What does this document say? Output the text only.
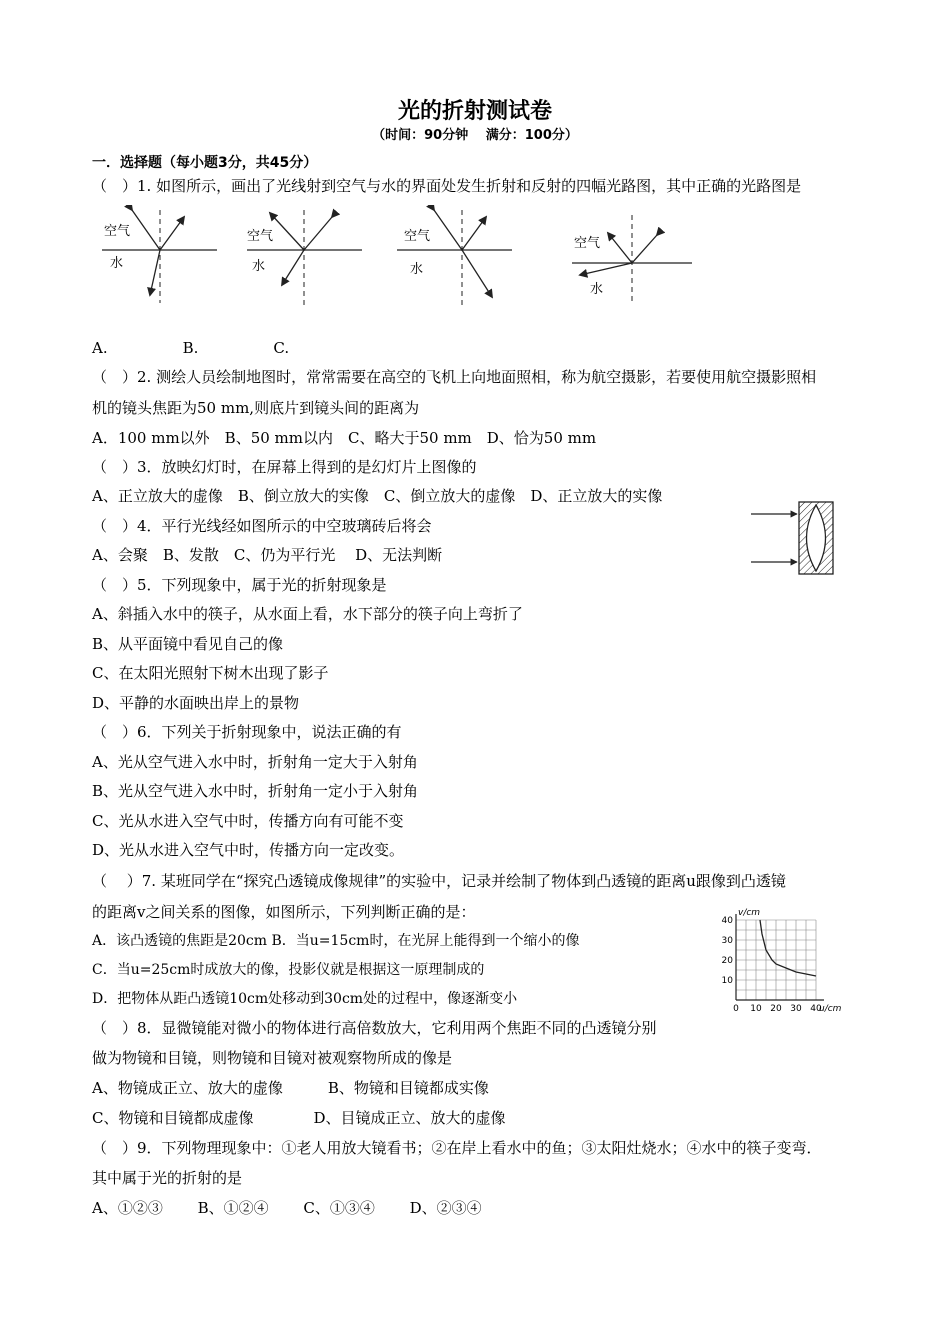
光的折射测试卷
（时间：90分钟　 满分：100分）
一．选择题（每小题3分，共45分）
（　）1. 如图所示，画出了光线射到空气与水的界面处发生折射和反射的四幅光路图，其中正确的光路图是
空气
水
空气
水
空气
水
空气
水
A.　　　　　B.　　　　　C.
（　）2. 测绘人员绘制地图时，常常需要在高空的飞机上向地面照相，称为航空摄影，若要使用航空摄影照相
机的镜头焦距为50 mm,则底片到镜头间的距离为
A．100 mm以外　B、50 mm以内　C、略大于50 mm　D、恰为50 mm
（　）3．放映幻灯时，在屏幕上得到的是幻灯片上图像的
A、正立放大的虚像　B、倒立放大的实像　C、倒立放大的虚像　D、正立放大的实像
（　）4．平行光线经如图所示的中空玻璃砖后将会
A、会聚　B、发散　C、仍为平行光　 D、无法判断
（　）5．下列现象中，属于光的折射现象是
A、斜插入水中的筷子，从水面上看，水下部分的筷子向上弯折了
B、从平面镜中看见自己的像
C、在太阳光照射下树木出现了影子
D、平静的水面映出岸上的景物
（　）6．下列关于折射现象中，说法正确的有
A、光从空气进入水中时，折射角一定大于入射角
B、光从空气进入水中时，折射角一定小于入射角
C、光从水进入空气中时，传播方向有可能不变
D、光从水进入空气中时，传播方向一定改变。
（　 ）7. 某班同学在“探究凸透镜成像规律”的实验中，记录并绘制了物体到凸透镜的距离u跟像到凸透镜
的距离v之间关系的图像，如图所示，下列判断正确的是：
A．该凸透镜的焦距是20cm B．当u=15cm时，在光屏上能得到一个缩小的像
C．当u=25cm时成放大的像，投影仪就是根据这一原理制成的
D．把物体从距凸透镜10cm处移动到30cm处的过程中，像逐渐变小
0 10 20 30 40
10
20
30
40
u/cm
v/cm
（　）8．显微镜能对微小的物体进行高倍数放大，它利用两个焦距不同的凸透镜分别
做为物镜和目镜，则物镜和目镜对被观察物所成的像是
A、物镜成正立、放大的虚像　　　B、物镜和目镜都成实像
C、物镜和目镜都成虚像　　　　D、目镜成正立、放大的虚像
（　）9．下列物理现象中：①老人用放大镜看书；②在岸上看水中的鱼；③太阳灶烧水；④水中的筷子变弯．
其中属于光的折射的是
A、①②③　　 B、①②④　　 C、①③④　　 D、②③④
